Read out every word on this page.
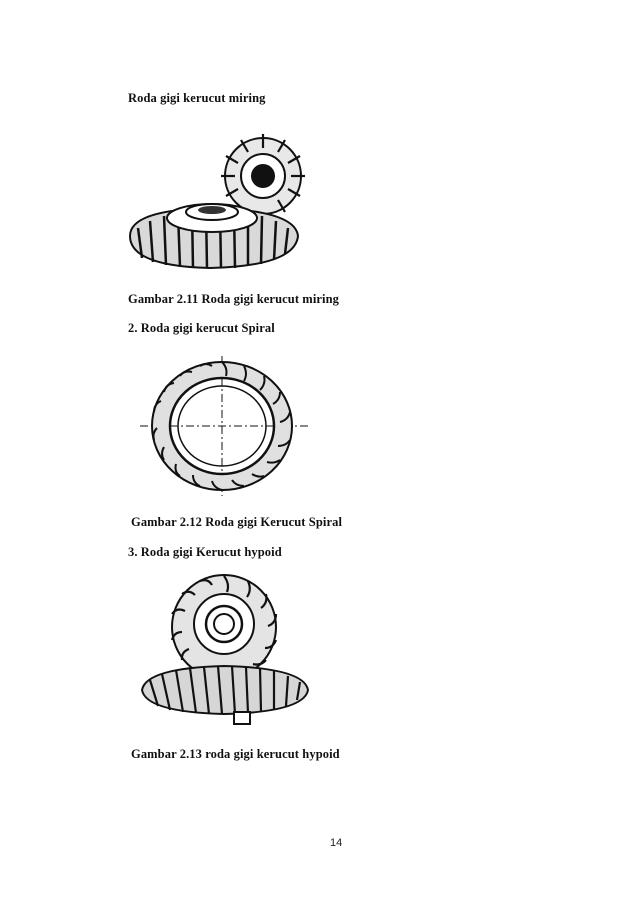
Roda gigi kerucut miring
Gambar 2.11 Roda gigi kerucut miring
2. Roda gigi kerucut Spiral
Gambar 2.12 Roda gigi Kerucut Spiral
3. Roda gigi Kerucut hypoid
Gambar 2.13 roda gigi kerucut hypoid
14
